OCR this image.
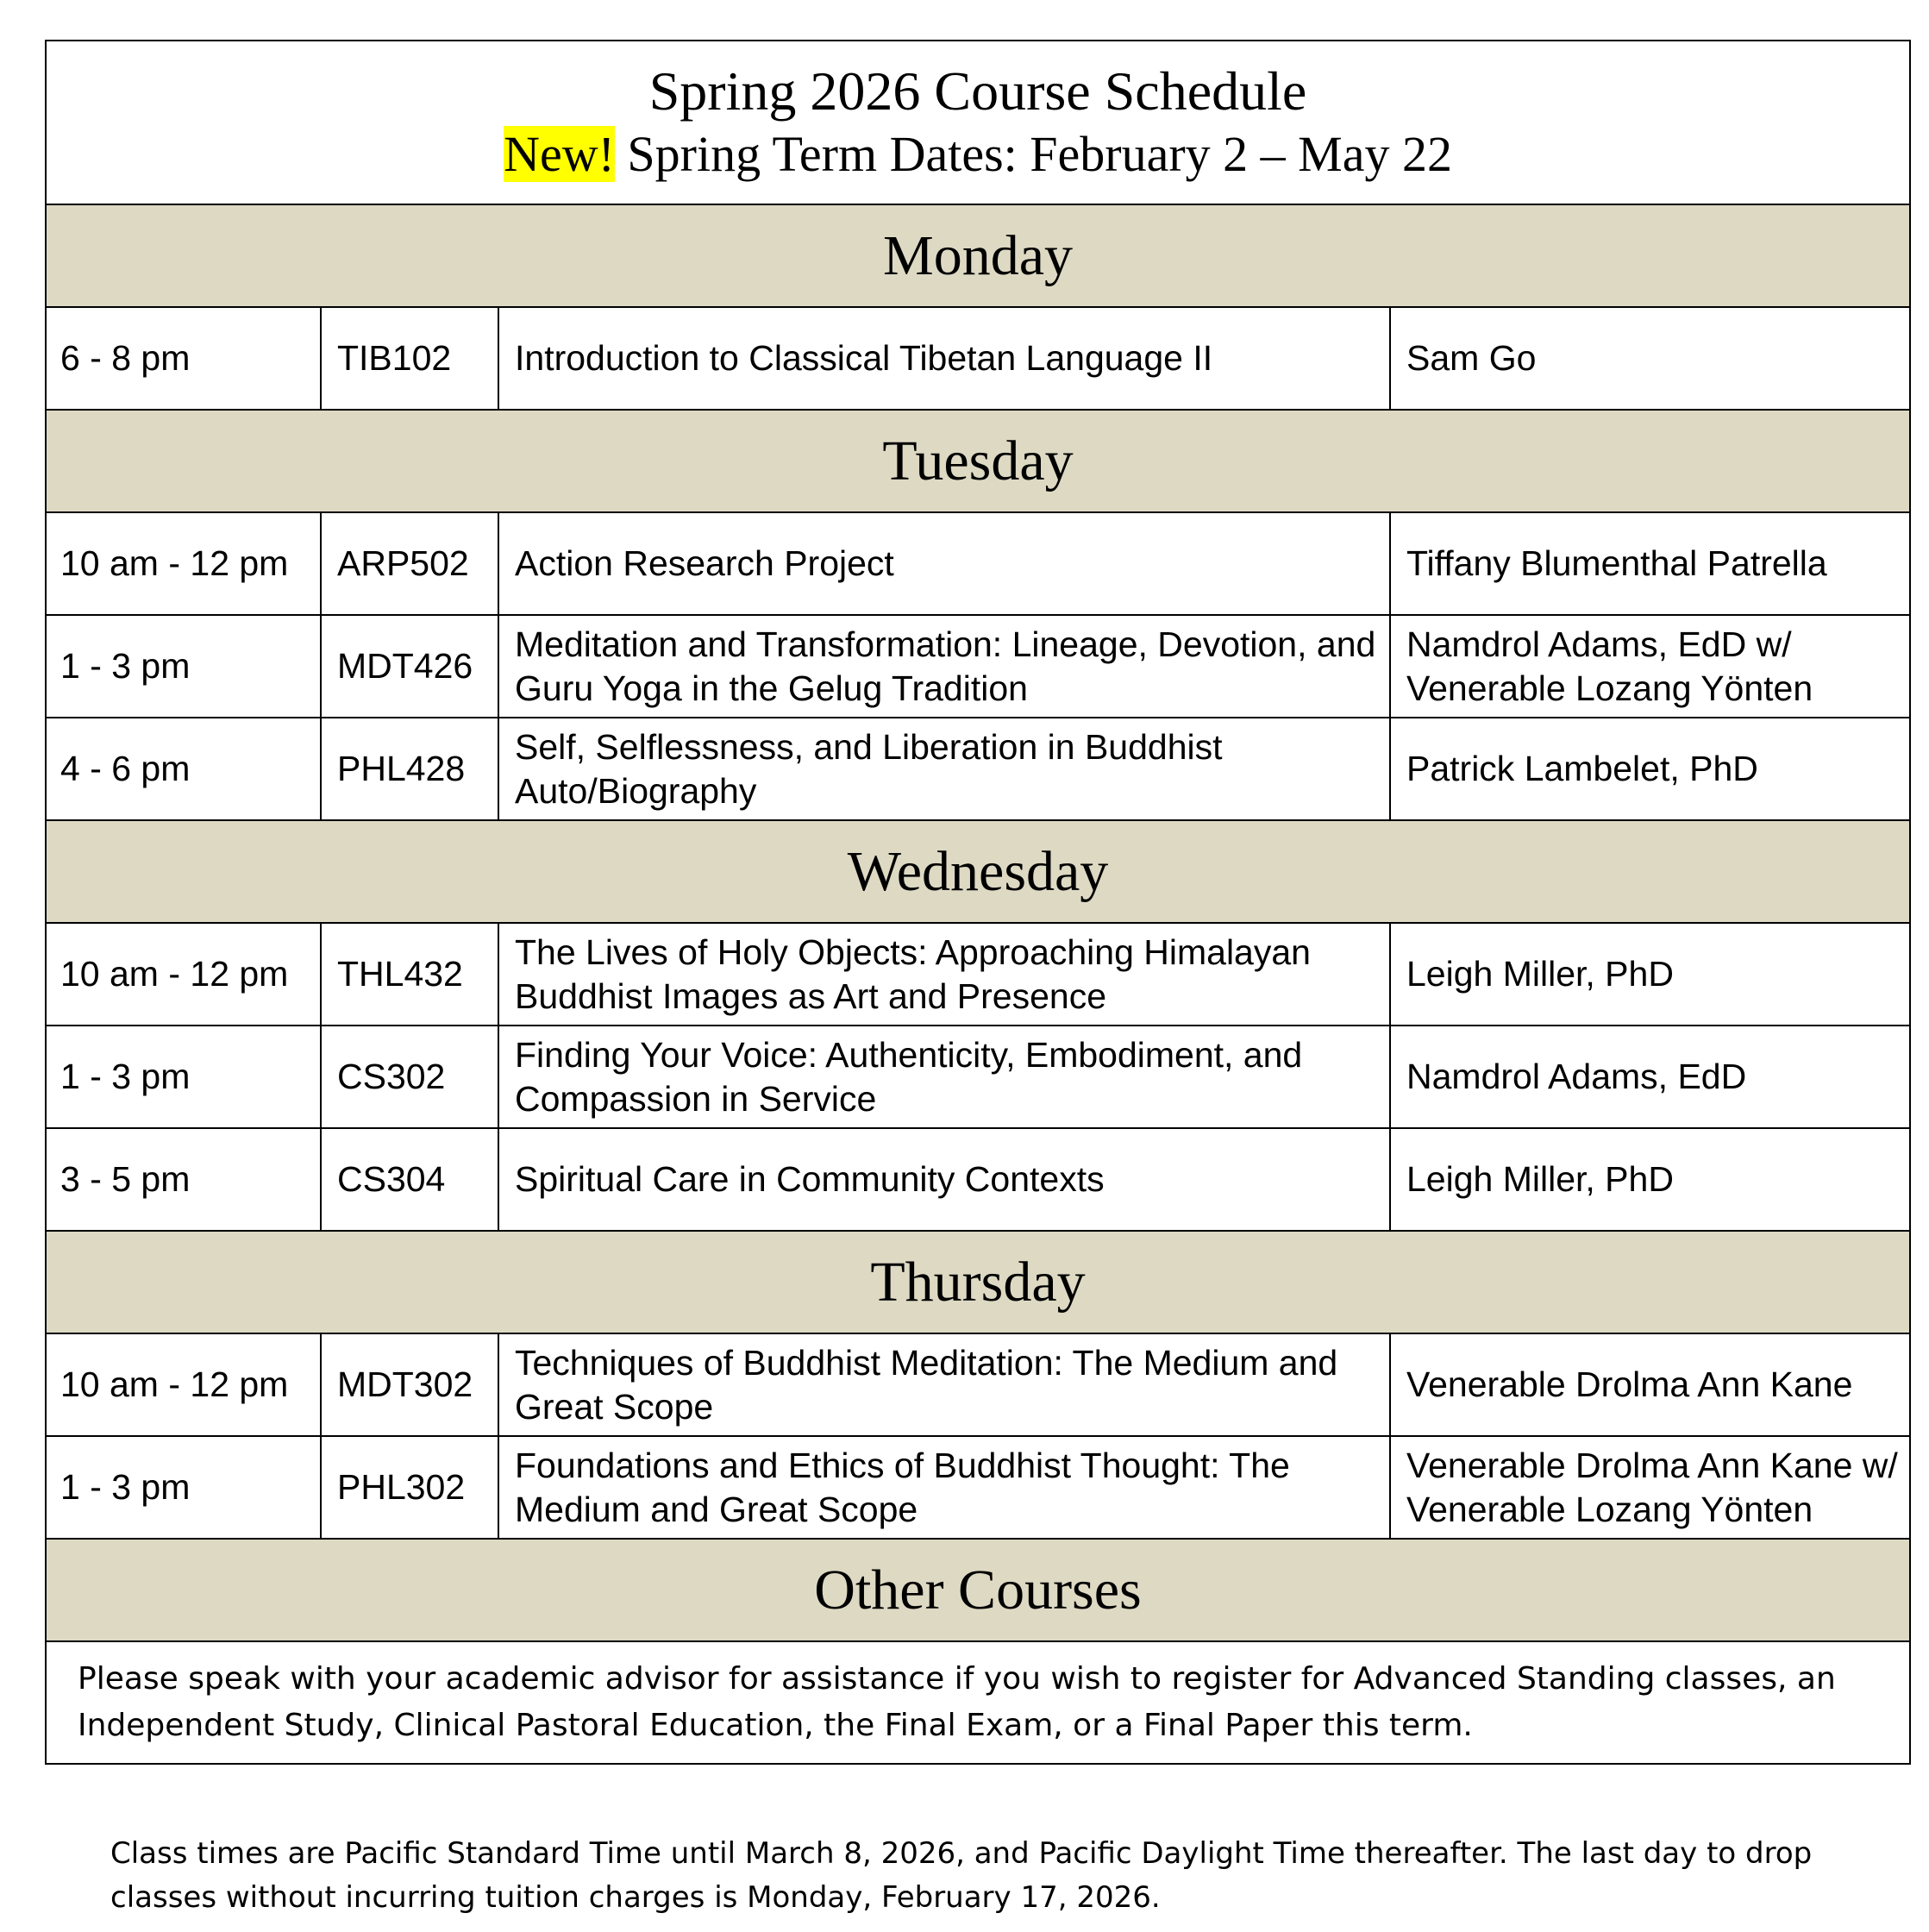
Spring 2026 Course Schedule
New! Spring Term Dates: February 2 – May 22			

Monday			
6 - 8 pm	TIB102	Introduction to Classical Tibetan Language II	Sam Go
Tuesday			
10 am - 12 pm	ARP502	Action Research Project	Tiffany Blumenthal Patrella
1 - 3 pm	MDT426	Meditation and Transformation: Lineage, Devotion, and Guru Yoga in the Gelug Tradition	Namdrol Adams, EdD w/ Venerable Lozang Yönten
4 - 6 pm	PHL428	Self, Selflessness, and Liberation in Buddhist Auto/Biography	Patrick Lambelet, PhD
Wednesday			
10 am - 12 pm	THL432	The Lives of Holy Objects: Approaching Himalayan Buddhist Images as Art and Presence	Leigh Miller, PhD
1 - 3 pm	CS302	Finding Your Voice: Authenticity, Embodiment, and Compassion in Service	Namdrol Adams, EdD
3 - 5 pm	CS304	Spiritual Care in Community Contexts	Leigh Miller, PhD
Thursday			
10 am - 12 pm	MDT302	Techniques of Buddhist Meditation: The Medium and Great Scope	Venerable Drolma Ann Kane
1 - 3 pm	PHL302	Foundations and Ethics of Buddhist Thought: The Medium and Great Scope	Venerable Drolma Ann Kane w/ Venerable Lozang Yönten
Other Courses			
Please speak with your academic advisor for assistance if you wish to register for Advanced Standing classes, an Independent Study, Clinical Pastoral Education, the Final Exam, or a Final Paper this term.			
Class times are Pacific Standard Time until March 8, 2026, and Pacific Daylight Time thereafter. The last day to drop classes without incurring tuition charges is Monday, February 17, 2026.
